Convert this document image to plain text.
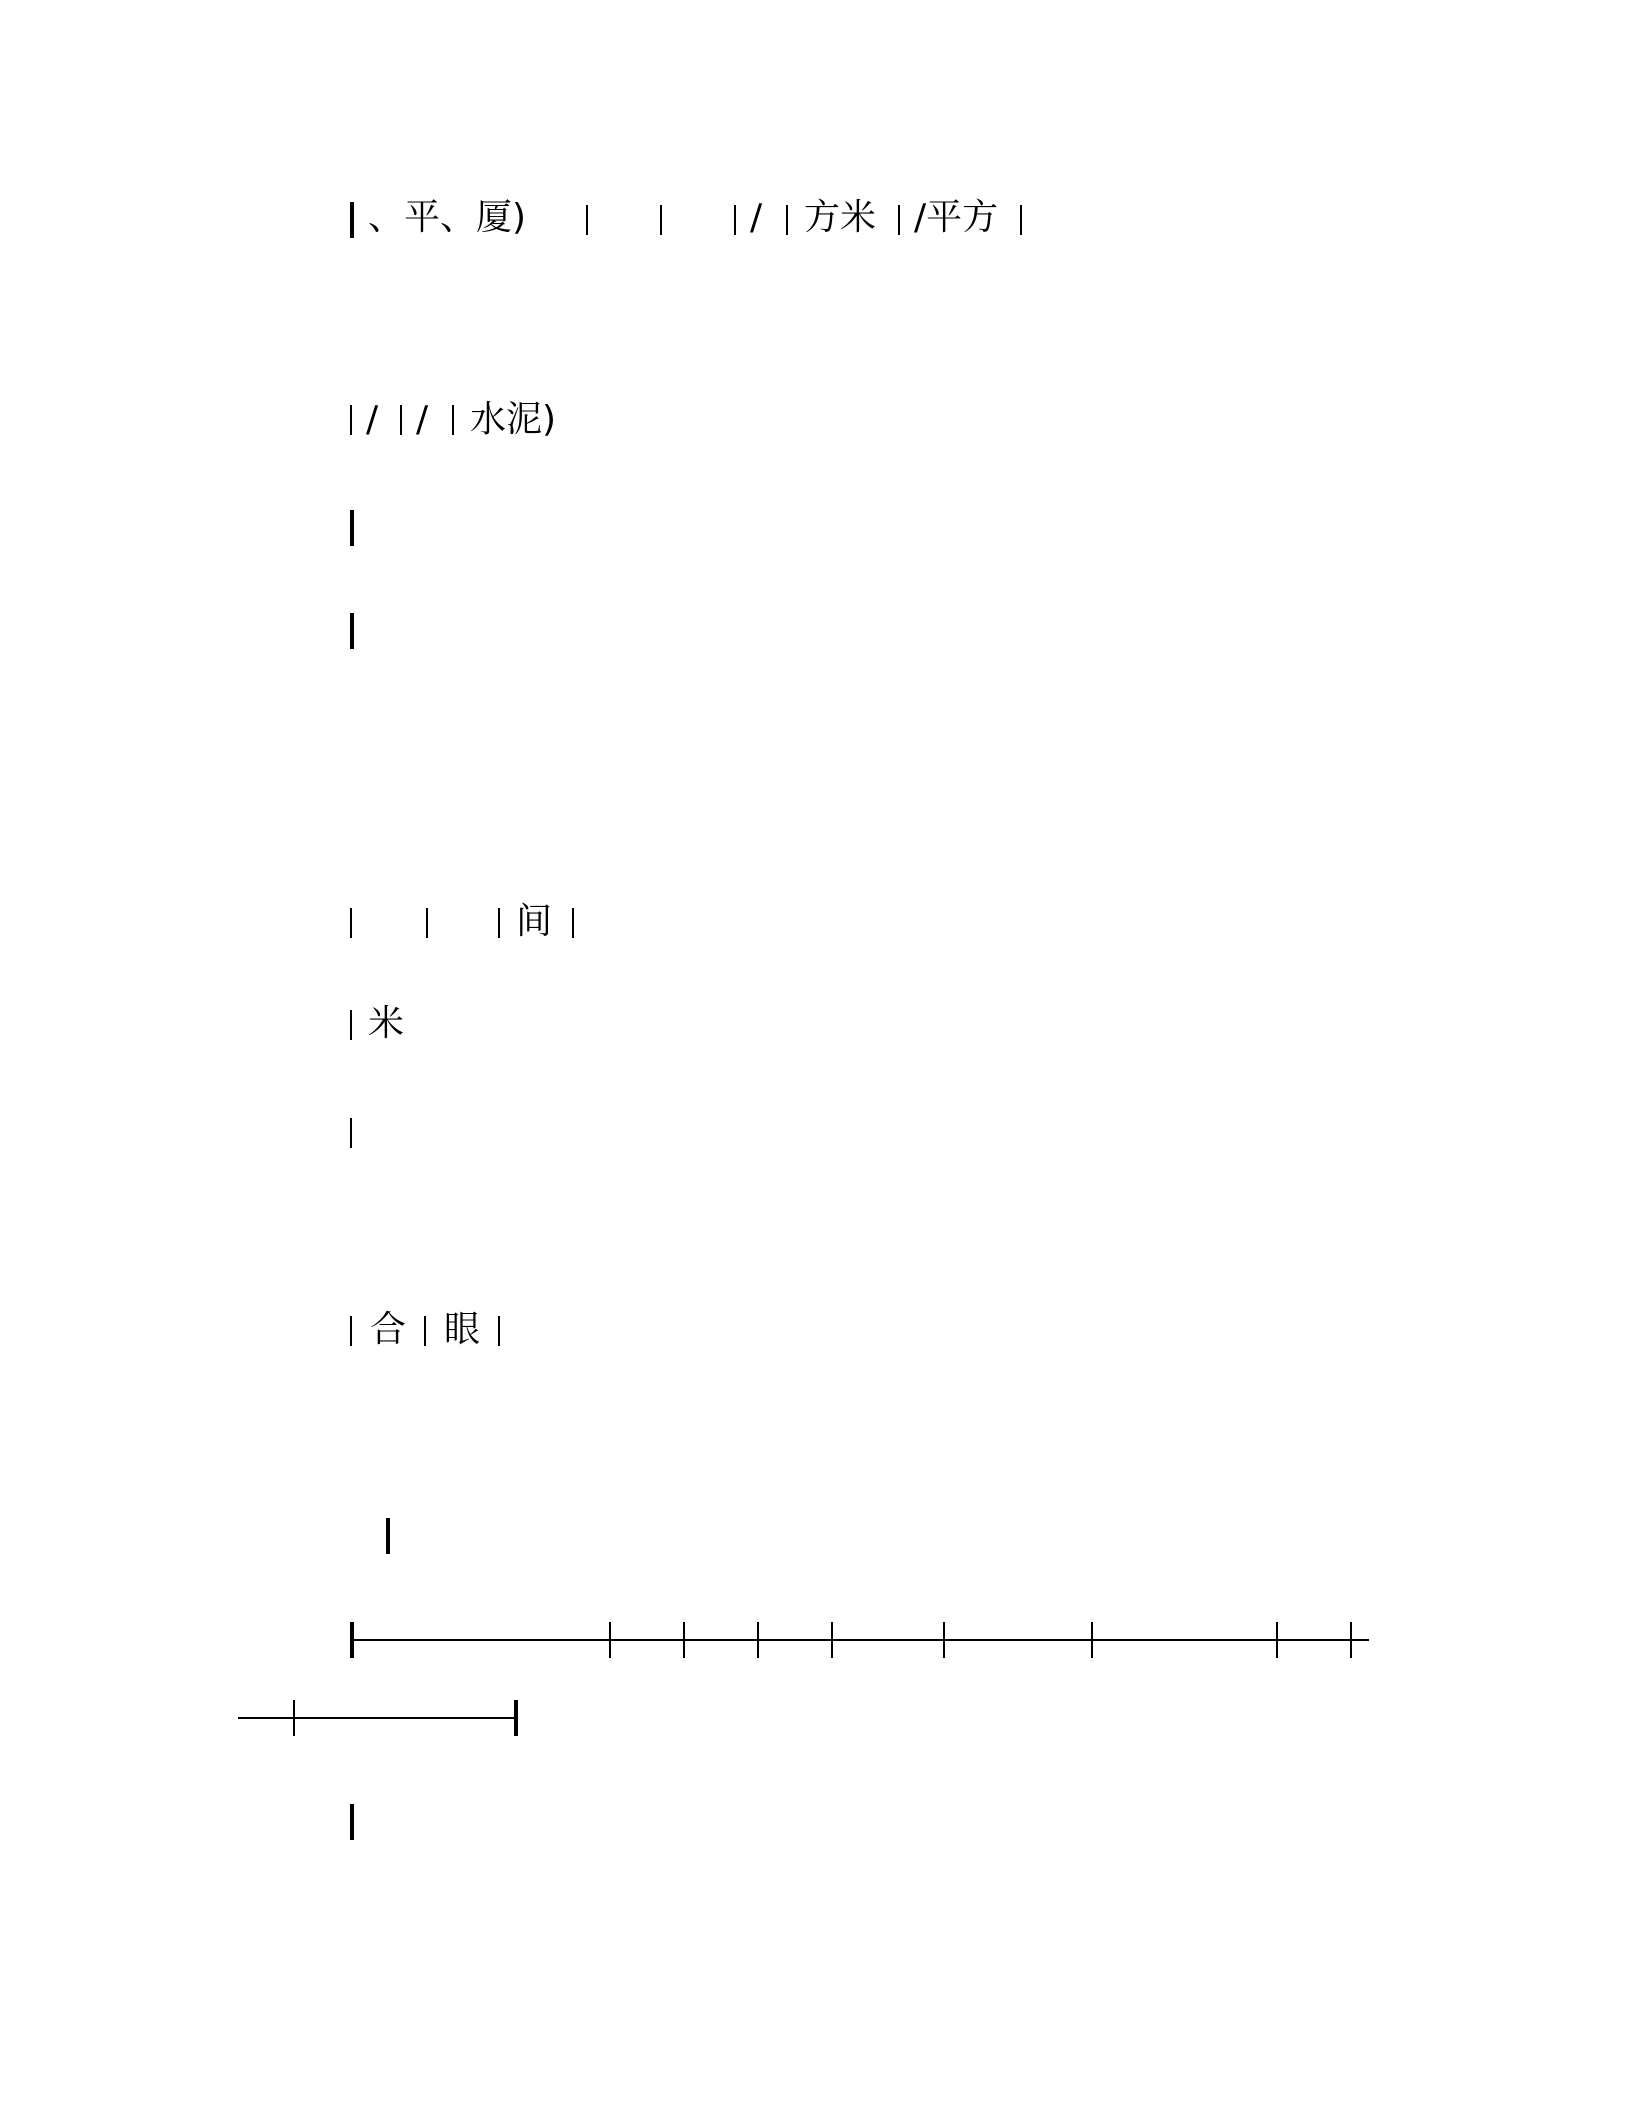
、平、厦)	/ 方米 /平方
/ / 水泥)
间
米
合 眼
